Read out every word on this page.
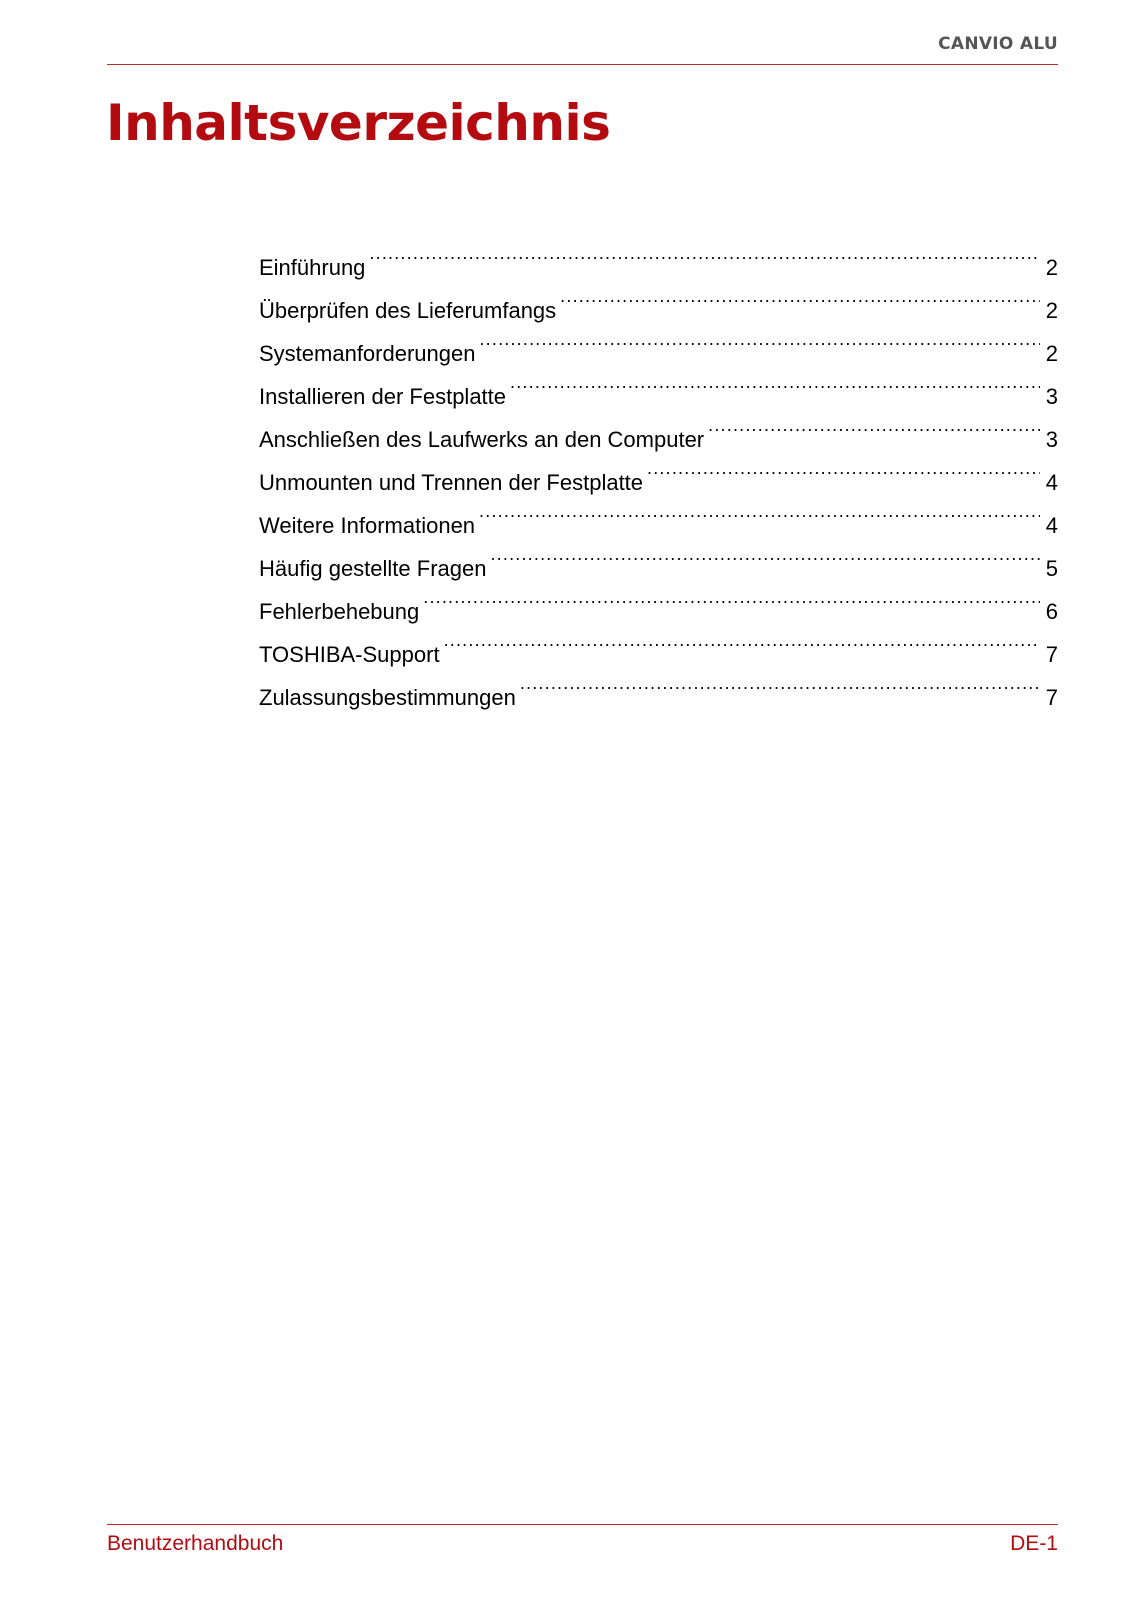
CANVIO ALU
Inhaltsverzeichnis
Einführung .....	2
Überprüfen des Lieferumfangs .....	2
Systemanforderungen .....	2
Installieren der Festplatte .....	3
Anschließen des Laufwerks an den Computer .....	3
Unmounten und Trennen der Festplatte .....	4
Weitere Informationen .....	4
Häufig gestellte Fragen .....	5
Fehlerbehebung .....	6
TOSHIBA-Support .....	7
Zulassungsbestimmungen .....	7
Benutzerhandbuch	DE-1
